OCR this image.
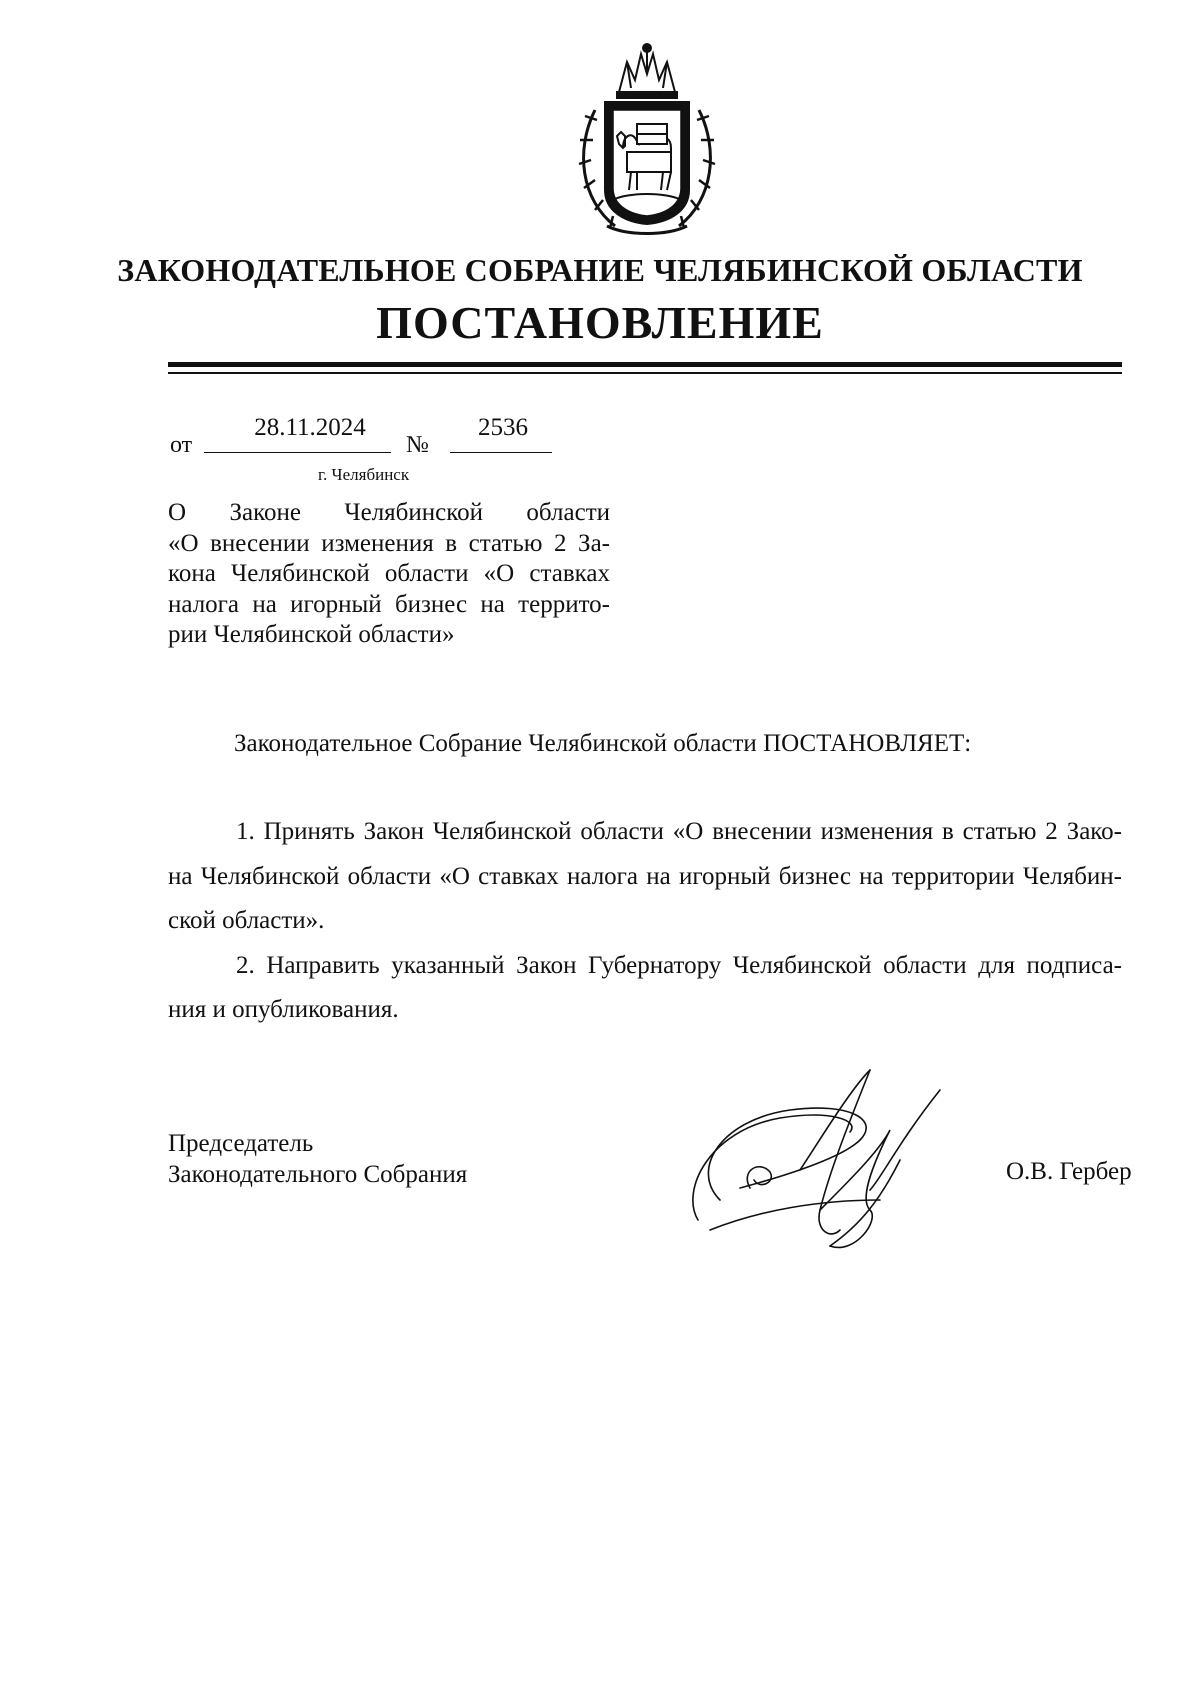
ЗАКОНОДАТЕЛЬНОЕ СОБРАНИЕ ЧЕЛЯБИНСКОЙ ОБЛАСТИ
ПОСТАНОВЛЕНИЕ
от
28.11.2024
№
2536
г. Челябинск
О Законе Челябинской области
«О внесении изменения в статью 2 За-
кона Челябинской области «О ставках
налога на игорный бизнес на террито-
рии Челябинской области»
Законодательное Собрание Челябинской области ПОСТАНОВЛЯЕТ:
1. Принять Закон Челябинской области «О внесении изменения в статью 2 Зако-
на Челябинской области «О ставках налога на игорный бизнес на территории Челябин-
ской области».
2. Направить указанный Закон Губернатору Челябинской области для подписа-
ния и опубликования.
Председатель
Законодательного Собрания	О.В. Гербер
